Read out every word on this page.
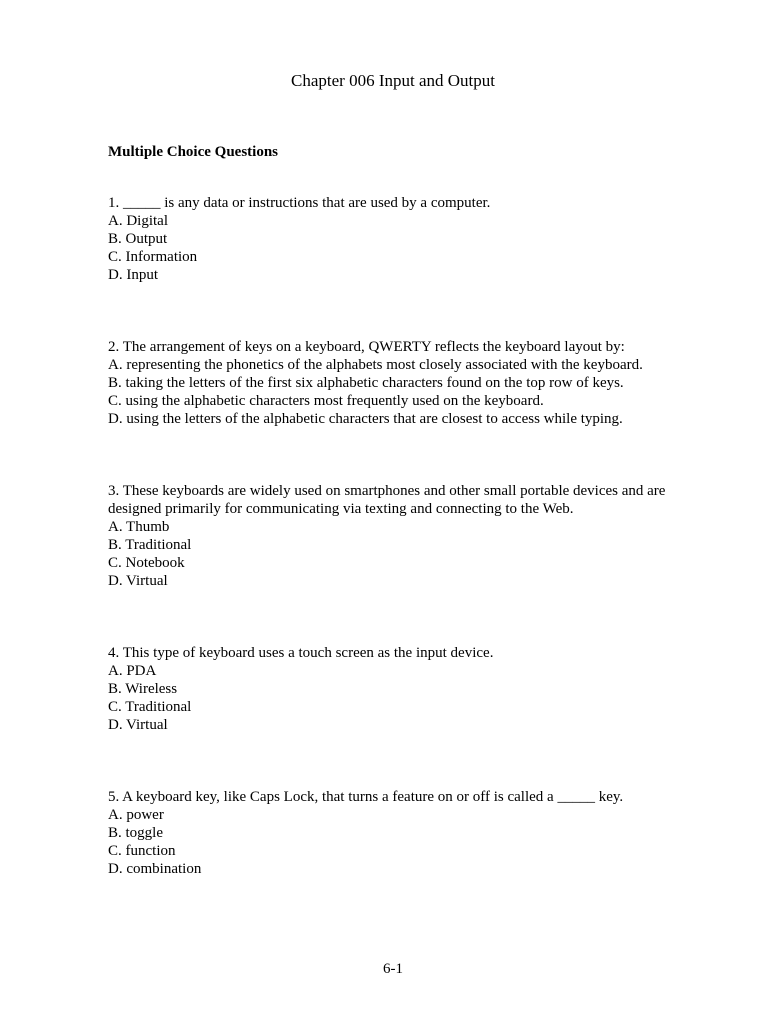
Chapter 006 Input and Output
Multiple Choice Questions
1. _____ is any data or instructions that are used by a computer.
A. Digital
B. Output
C. Information
D. Input
2. The arrangement of keys on a keyboard, QWERTY reflects the keyboard layout by:
A. representing the phonetics of the alphabets most closely associated with the keyboard.
B. taking the letters of the first six alphabetic characters found on the top row of keys.
C. using the alphabetic characters most frequently used on the keyboard.
D. using the letters of the alphabetic characters that are closest to access while typing.
3. These keyboards are widely used on smartphones and other small portable devices and are designed primarily for communicating via texting and connecting to the Web.
A. Thumb
B. Traditional
C. Notebook
D. Virtual
4. This type of keyboard uses a touch screen as the input device.
A. PDA
B. Wireless
C. Traditional
D. Virtual
5. A keyboard key, like Caps Lock, that turns a feature on or off is called a _____ key.
A. power
B. toggle
C. function
D. combination
6-1
